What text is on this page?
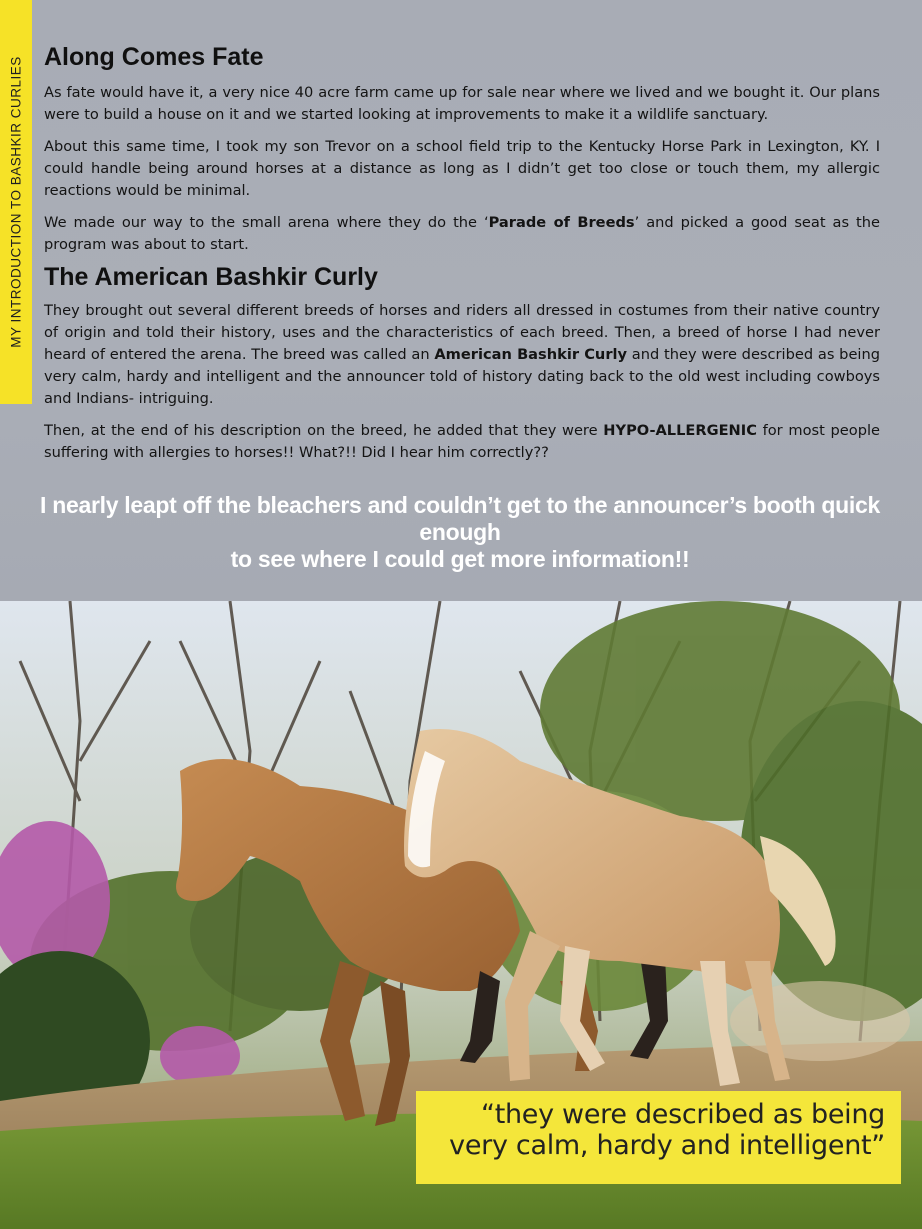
MY INTRODUCTION TO BASHKIR CURLIES Along Comes Fate

As fate would have it, a very nice 40 acre farm came up for sale near where we lived and we bought it. Our plans were to build a house on it and we started looking at improvements to make it a wildlife sanctuary.

About this same time, I took my son Trevor on a school field trip to the Kentucky Horse Park in Lexington, KY. I could handle being around horses at a distance as long as I didn’t get too close or touch them, my allergic reactions would be minimal.

We made our way to the small arena where they do the ‘Parade of Breeds’ and picked a good seat as the program was about to start.

The American Bashkir Curly

They brought out several different breeds of horses and riders all dressed in costumes from their native country of origin and told their history, uses and the characteristics of each breed. Then, a breed of horse I had never heard of entered the arena. The breed was called an American Bashkir Curly and they were described as being very calm, hardy and intelligent and the announcer told of history dating back to the old west including cowboys and Indians- intriguing.

Then, at the end of his description on the breed, he added that they were HYPO-ALLERGENIC for most people suffering with allergies to horses!! What?!! Did I hear him correctly??

I nearly leapt off the bleachers and couldn’t get to the announcer’s booth quick enough
to see where I could get more information!!
“they were described as being
very calm, hardy and intelligent”
